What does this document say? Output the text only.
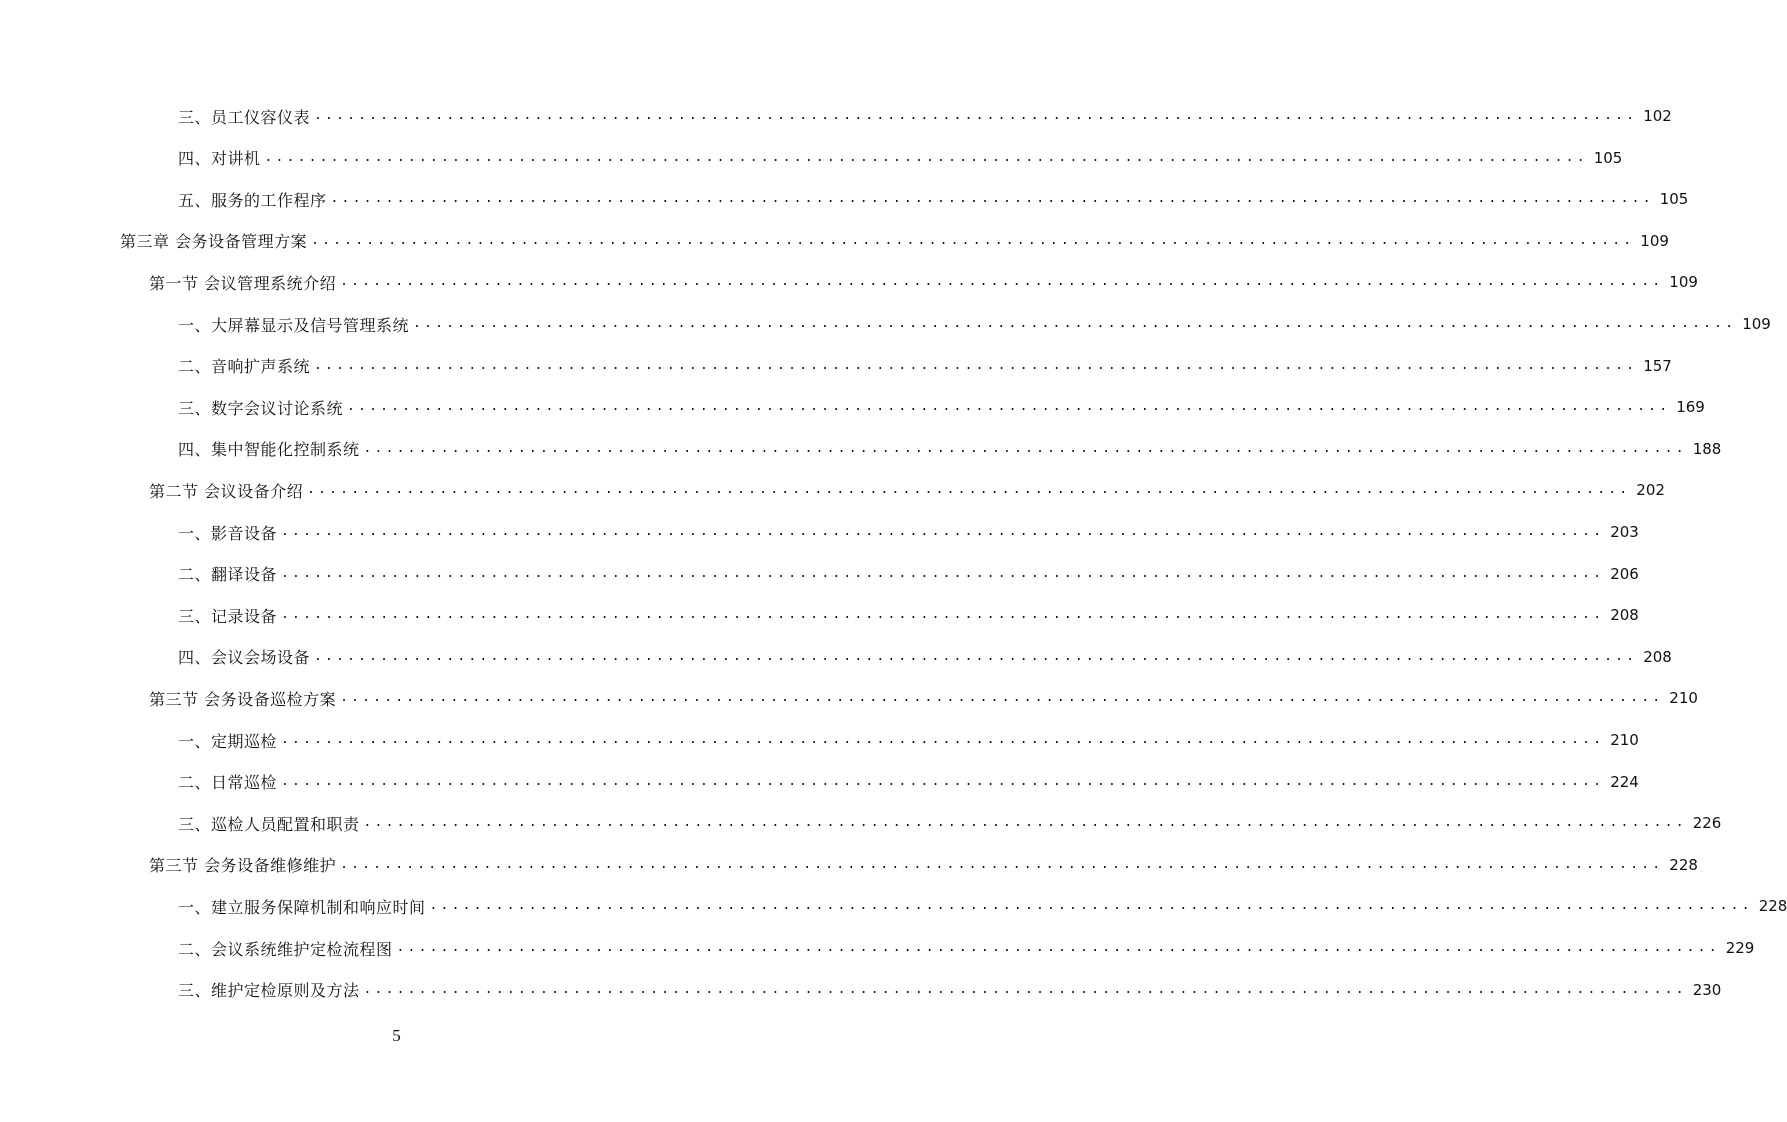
三、员工仪容仪表 ........................................................................................................................ 102
四、对讲机 ........................................................................................................................ 105
五、服务的工作程序 ........................................................................................................................ 105
第三章 会务设备管理方案 ........................................................................................................................ 109
第一节 会议管理系统介绍 ........................................................................................................................ 109
一、大屏幕显示及信号管理系统 ........................................................................................................................ 109
二、音响扩声系统 ........................................................................................................................ 157
三、数字会议讨论系统 ........................................................................................................................ 169
四、集中智能化控制系统 ........................................................................................................................ 188
第二节 会议设备介绍 ........................................................................................................................ 202
一、影音设备 ........................................................................................................................ 203
二、翻译设备 ........................................................................................................................ 206
三、记录设备 ........................................................................................................................ 208
四、会议会场设备 ........................................................................................................................ 208
第三节 会务设备巡检方案 ........................................................................................................................ 210
一、定期巡检 ........................................................................................................................ 210
二、日常巡检 ........................................................................................................................ 224
三、巡检人员配置和职责 ........................................................................................................................ 226
第三节 会务设备维修维护 ........................................................................................................................ 228
一、建立服务保障机制和响应时间 ........................................................................................................................ 228
二、会议系统维护定检流程图 ........................................................................................................................ 229
三、维护定检原则及方法 ........................................................................................................................ 230
5
